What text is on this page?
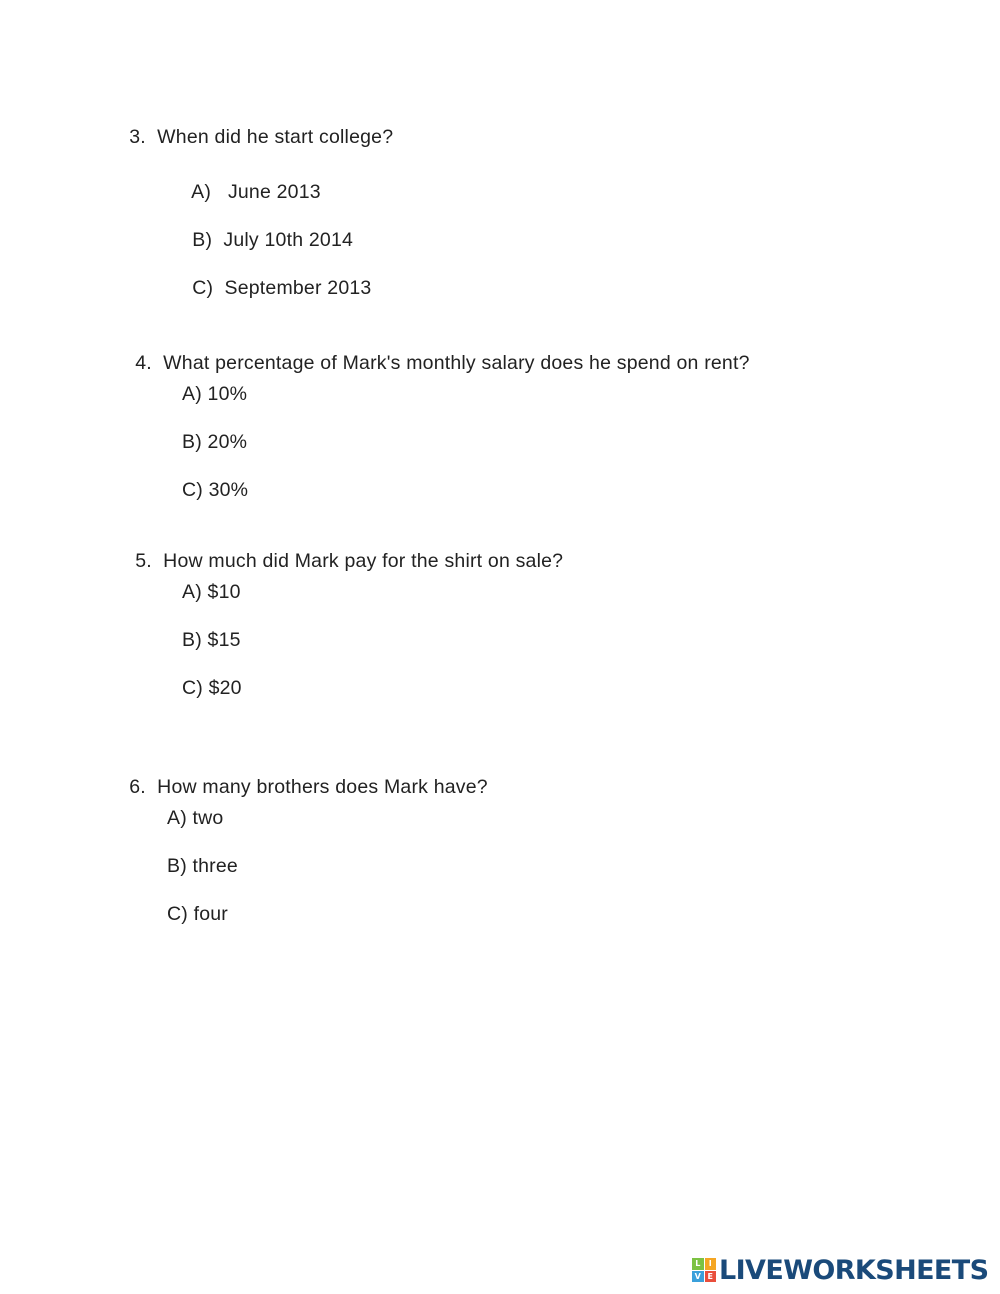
3. When did he start college?

A) June 2013

B) July 10th 2014

C) September 2013

4. What percentage of Mark's monthly salary does he spend on rent?

A) 10%
B) 20%
C) 30%

5. How much did Mark pay for the shirt on sale?

A) $10
B) $15
C) $20

6. How many brothers does Mark have?

A) two
B) three
C) four
L	I
V E LIVEWORKSHEETS
